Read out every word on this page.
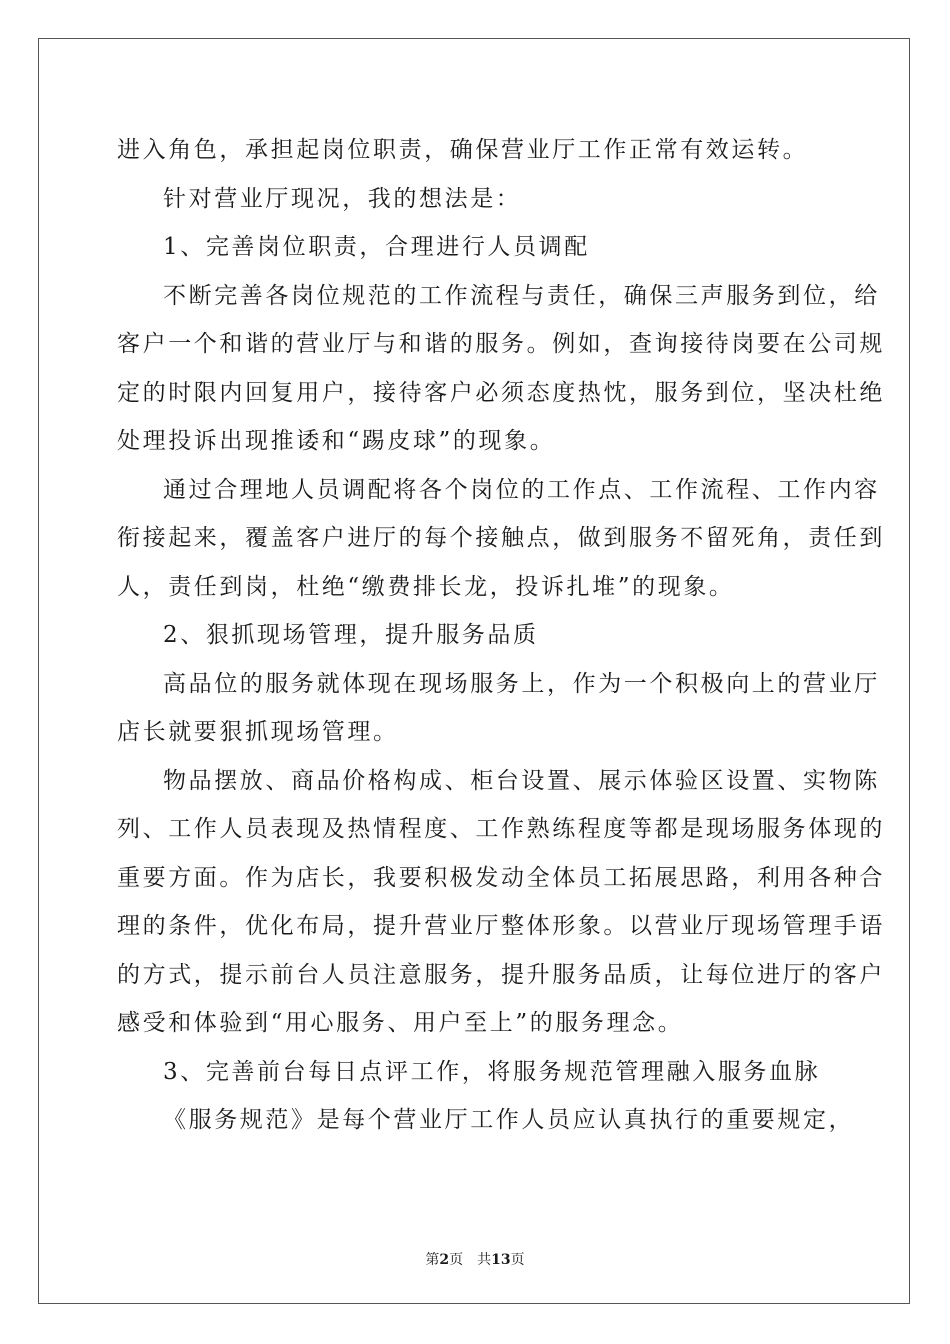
进入角色，承担起岗位职责，确保营业厅工作正常有效运转。
针对营业厅现况，我的想法是：
1、完善岗位职责，合理进行人员调配
不断完善各岗位规范的工作流程与责任，确保三声服务到位，给
客户一个和谐的营业厅与和谐的服务。例如，查询接待岗要在公司规
定的时限内回复用户，接待客户必须态度热忱，服务到位，坚决杜绝
处理投诉出现推诿和“踢皮球”的现象。
通过合理地人员调配将各个岗位的工作点、工作流程、工作内容
衔接起来，覆盖客户进厅的每个接触点，做到服务不留死角，责任到
人，责任到岗，杜绝“缴费排长龙，投诉扎堆”的现象。
2、狠抓现场管理，提升服务品质
高品位的服务就体现在现场服务上，作为一个积极向上的营业厅
店长就要狠抓现场管理。
物品摆放、商品价格构成、柜台设置、展示体验区设置、实物陈
列、工作人员表现及热情程度、工作熟练程度等都是现场服务体现的
重要方面。作为店长，我要积极发动全体员工拓展思路，利用各种合
理的条件，优化布局，提升营业厅整体形象。以营业厅现场管理手语
的方式，提示前台人员注意服务，提升服务品质，让每位进厅的客户
感受和体验到“用心服务、用户至上”的服务理念。
3、完善前台每日点评工作，将服务规范管理融入服务血脉
《服务规范》是每个营业厅工作人员应认真执行的重要规定，
第2页 共13页
